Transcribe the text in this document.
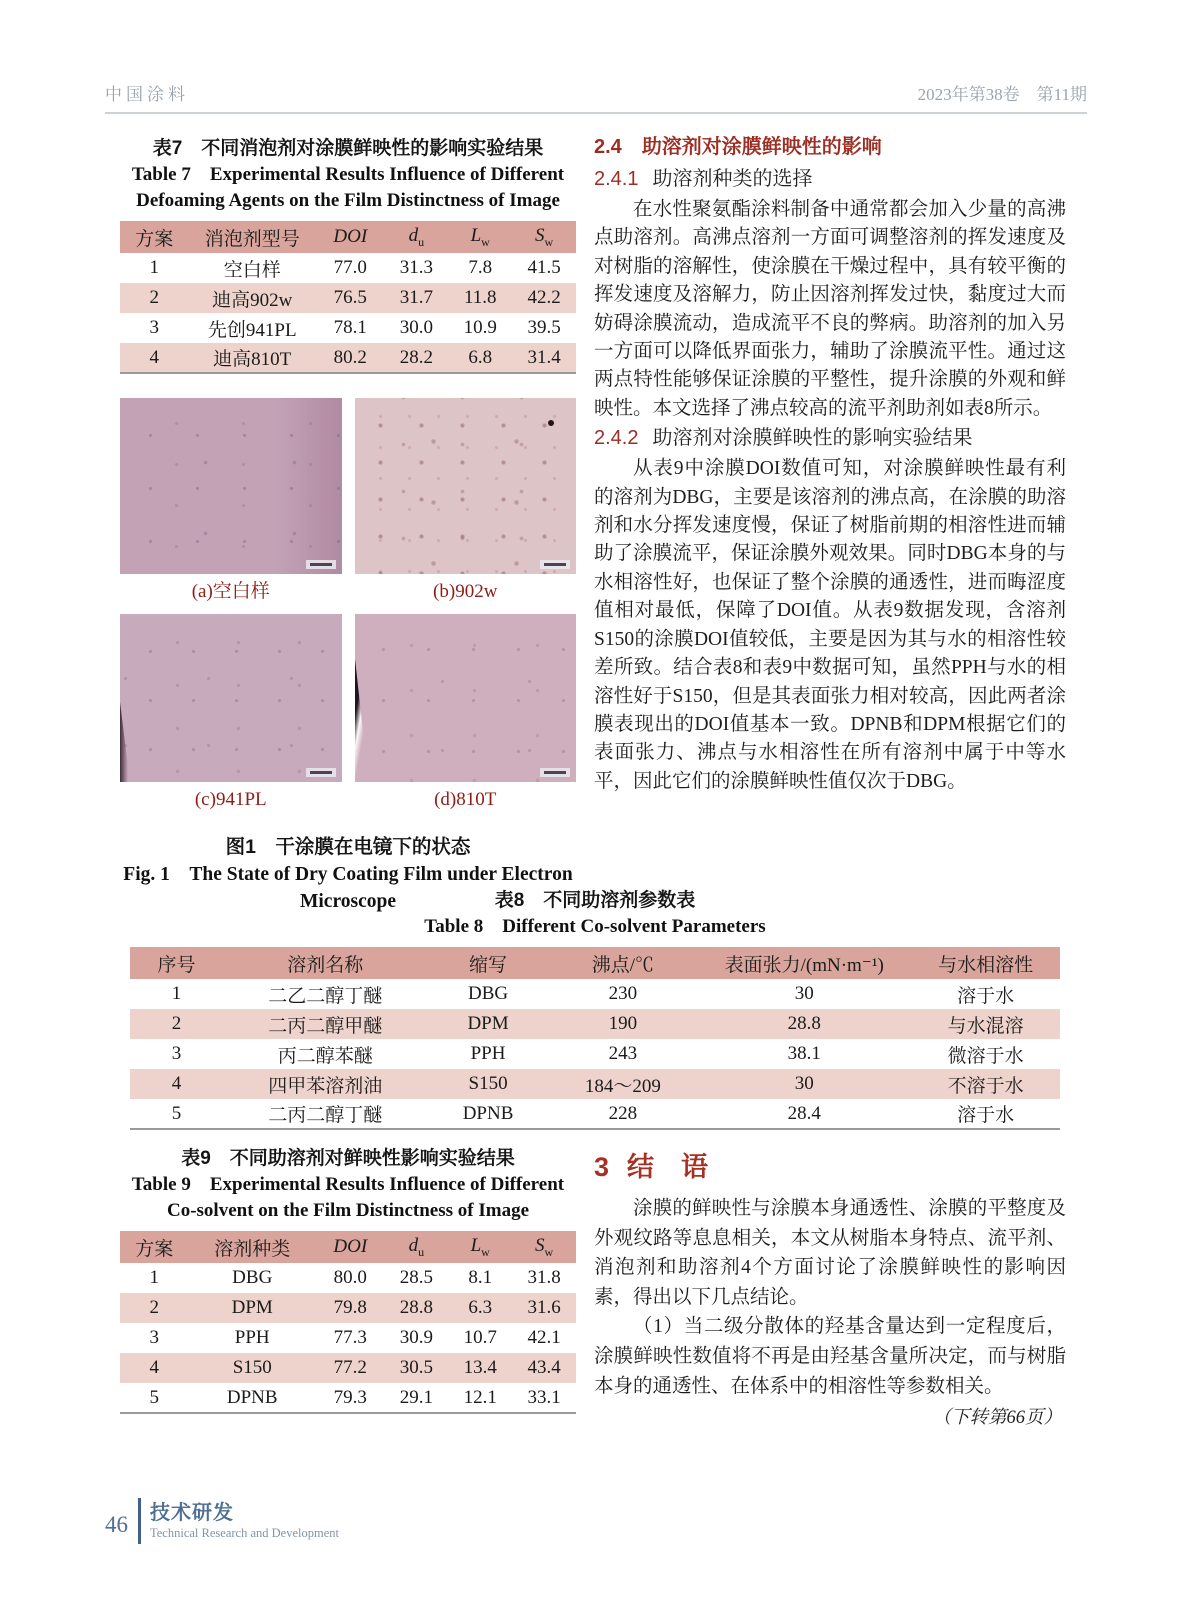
中国涂料	2023年第38卷　第11期
表7　不同消泡剂对涂膜鲜映性的影响实验结果
Table 7　Experimental Results Influence of Different
Defoaming Agents on the Film Distinctness of Image
方案	消泡剂型号	DOI	$d_u$	$L_w$	$S_w$
1	空白样	77.0	31.3	7.8	41.5
2	迪高902w	76.5	31.7	11.8	42.2
3	先创941PL	78.1	30.0	10.9	39.5
4	迪高810T	80.2	28.2	6.8	31.4
(a)空白样	(b)902w
(c)941PL	(d)810T
图1　干涂膜在电镜下的状态
Fig. 1　The State of Dry Coating Film under Electron
Microscope
2.4  助溶剂对涂膜鲜映性的影响
2.4.1 助溶剂种类的选择
在水性聚氨酯涂料制备中通常都会加入少量的高沸点助溶剂。高沸点溶剂一方面可调整溶剂的挥发速度及对树脂的溶解性，使涂膜在干燥过程中，具有较平衡的挥发速度及溶解力，防止因溶剂挥发过快，黏度过大而妨碍涂膜流动，造成流平不良的弊病。助溶剂的加入另一方面可以降低界面张力，辅助了涂膜流平性。通过这两点特性能够保证涂膜的平整性，提升涂膜的外观和鲜映性。本文选择了沸点较高的流平剂助剂如表8所示。
2.4.2 助溶剂对涂膜鲜映性的影响实验结果
从表9中涂膜DOI数值可知，对涂膜鲜映性最有利的溶剂为DBG，主要是该溶剂的沸点高，在涂膜的助溶剂和水分挥发速度慢，保证了树脂前期的相溶性进而辅助了涂膜流平，保证涂膜外观效果。同时DBG本身的与水相溶性好，也保证了整个涂膜的通透性，进而晦涩度值相对最低，保障了DOI值。从表9数据发现，含溶剂S150的涂膜DOI值较低，主要是因为其与水的相溶性较差所致。结合表8和表9中数据可知，虽然PPH与水的相溶性好于S150，但是其表面张力相对较高，因此两者涂膜表现出的DOI值基本一致。DPNB和DPM根据它们的表面张力、沸点与水相溶性在所有溶剂中属于中等水平，因此它们的涂膜鲜映性值仅次于DBG。
表8　不同助溶剂参数表
Table 8　Different Co-solvent Parameters
序号	溶剂名称	缩写	沸点/℃	表面张力/(mN·m⁻¹)	与水相溶性
1	二乙二醇丁醚	DBG	230	30	溶于水
2	二丙二醇甲醚	DPM	190	28.8	与水混溶
3	丙二醇苯醚	PPH	243	38.1	微溶于水
4	四甲苯溶剂油	S150	184～209	30	不溶于水
5	二丙二醇丁醚	DPNB	228	28.4	溶于水
表9　不同助溶剂对鲜映性影响实验结果
Table 9　Experimental Results Influence of Different
Co-solvent on the Film Distinctness of Image
方案	溶剂种类	DOI	$d_u$	$L_w$	$S_w$
1	DBG	80.0	28.5	8.1	31.8
2	DPM	79.8	28.8	6.3	31.6
3	PPH	77.3	30.9	10.7	42.1
4	S150	77.2	30.5	13.4	43.4
5	DPNB	79.3	29.1	12.1	33.1
3 结　语
涂膜的鲜映性与涂膜本身通透性、涂膜的平整度及外观纹路等息息相关，本文从树脂本身特点、流平剂、消泡剂和助溶剂4个方面讨论了涂膜鲜映性的影响因素，得出以下几点结论。
（1）当二级分散体的羟基含量达到一定程度后，涂膜鲜映性数值将不再是由羟基含量所决定，而与树脂本身的通透性、在体系中的相溶性等参数相关。
（下转第66页）
46 技术研发
Technical Research and Development
